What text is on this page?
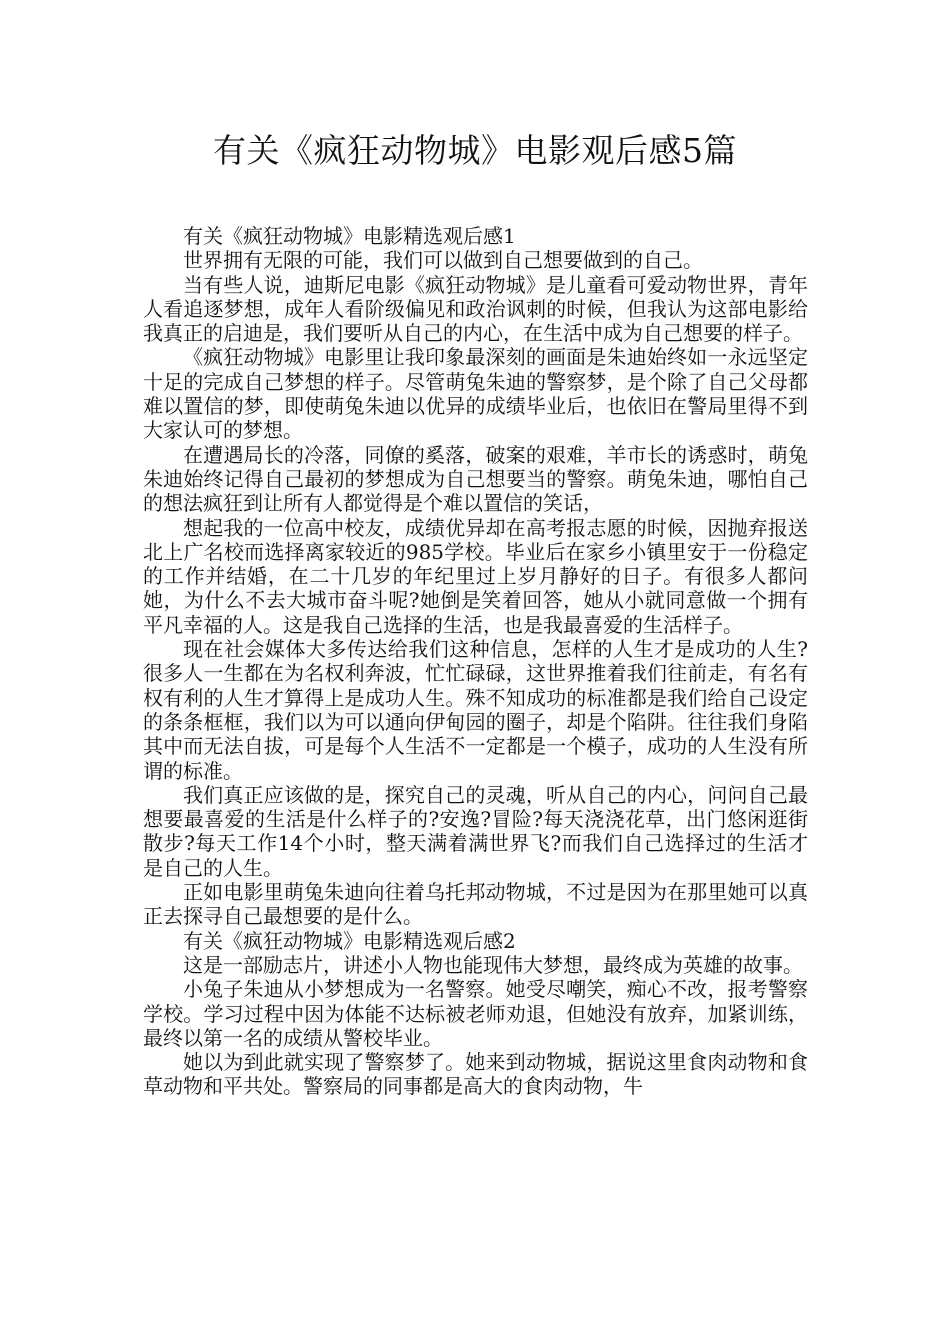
有关《疯狂动物城》电影观后感5篇

有关《疯狂动物城》电影精选观后感1

世界拥有无限的可能，我们可以做到自己想要做到的自己。

当有些人说，迪斯尼电影《疯狂动物城》是儿童看可爱动物世界，青年人看追逐梦想，成年人看阶级偏见和政治讽刺的时候，但我认为这部电影给我真正的启迪是，我们要听从自己的内心，在生活中成为自己想要的样子。

《疯狂动物城》电影里让我印象最深刻的画面是朱迪始终如一永远坚定十足的完成自己梦想的样子。尽管萌兔朱迪的警察梦，是个除了自己父母都难以置信的梦，即使萌兔朱迪以优异的成绩毕业后，也依旧在警局里得不到大家认可的梦想。

在遭遇局长的冷落，同僚的奚落，破案的艰难，羊市长的诱惑时，萌兔朱迪始终记得自己最初的梦想成为自己想要当的警察。萌兔朱迪，哪怕自己的想法疯狂到让所有人都觉得是个难以置信的笑话，

想起我的一位高中校友，成绩优异却在高考报志愿的时候，因抛弃报送北上广名校而选择离家较近的985学校。毕业后在家乡小镇里安于一份稳定的工作并结婚，在二十几岁的年纪里过上岁月静好的日子。有很多人都问她，为什么不去大城市奋斗呢?她倒是笑着回答，她从小就同意做一个拥有平凡幸福的人。这是我自己选择的生活，也是我最喜爱的生活样子。

现在社会媒体大多传达给我们这种信息，怎样的人生才是成功的人生?很多人一生都在为名权利奔波，忙忙碌碌，这世界推着我们往前走，有名有权有利的人生才算得上是成功人生。殊不知成功的标准都是我们给自己设定的条条框框，我们以为可以通向伊甸园的圈子，却是个陷阱。往往我们身陷其中而无法自拔，可是每个人生活不一定都是一个模子，成功的人生没有所谓的标准。

我们真正应该做的是，探究自己的灵魂，听从自己的内心，问问自己最想要最喜爱的生活是什么样子的?安逸?冒险?每天浇浇花草，出门悠闲逛街散步?每天工作14个小时，整天满着满世界飞?而我们自己选择过的生活才是自己的人生。

正如电影里萌兔朱迪向往着乌托邦动物城，不过是因为在那里她可以真正去探寻自己最想要的是什么。

有关《疯狂动物城》电影精选观后感2

这是一部励志片，讲述小人物也能现伟大梦想，最终成为英雄的故事。

小兔子朱迪从小梦想成为一名警察。她受尽嘲笑，痴心不改，报考警察学校。学习过程中因为体能不达标被老师劝退，但她没有放弃，加紧训练，最终以第一名的成绩从警校毕业。

她以为到此就实现了警察梦了。她来到动物城，据说这里食肉动物和食草动物和平共处。警察局的同事都是高大的食肉动物，牛
